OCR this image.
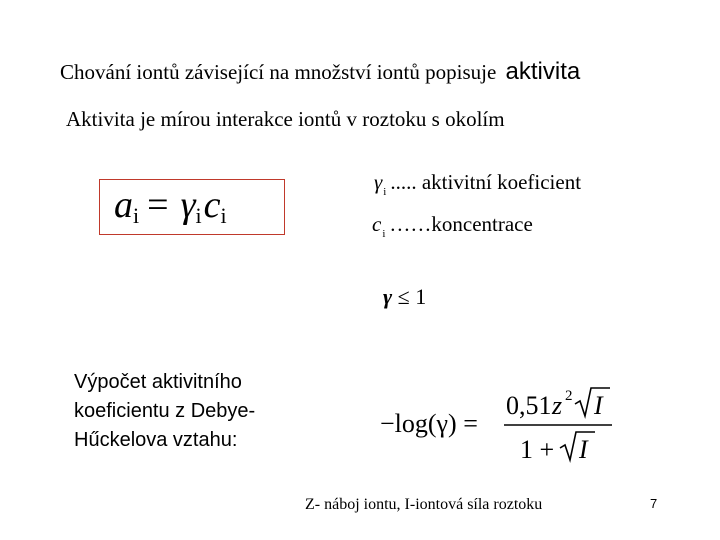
Chování iontů závisející na množství iontů popisuje aktivita
Aktivita je mírou interakce iontů v roztoku s okolím
$a_i = \gamma_ic_i$
$\gamma_i$ ..... aktivitní koeficient
$c_i$ ……koncentrace
γ ≤ 1
Výpočet aktivitního koeficientu z Debye-Hűckelova vztahu:
−log(γ) =
0,51 z 2 I
1 + I
Z- náboj iontu, I-iontová síla roztoku	7
